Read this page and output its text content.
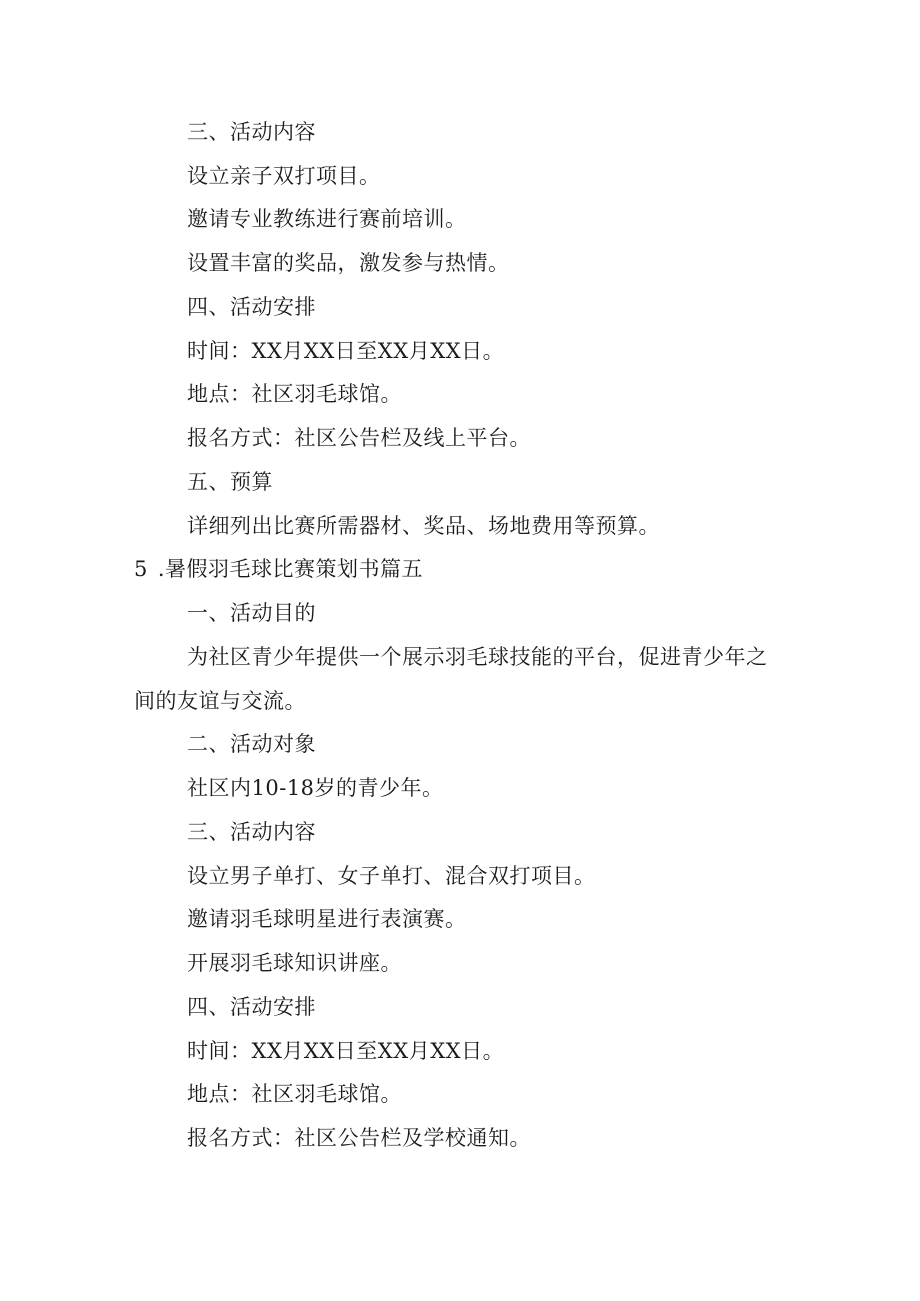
三、活动内容
设立亲子双打项目。
邀请专业教练进行赛前培训。
设置丰富的奖品，激发参与热情。
四、活动安排
时间：XX月XX日至XX月XX日。
地点：社区羽毛球馆。
报名方式：社区公告栏及线上平台。
五、预算
详细列出比赛所需器材、奖品、场地费用等预算。
5 .暑假羽毛球比赛策划书篇五
一、活动目的
为社区青少年提供一个展示羽毛球技能的平台，促进青少年之
间的友谊与交流。
二、活动对象
社区内10-18岁的青少年。
三、活动内容
设立男子单打、女子单打、混合双打项目。
邀请羽毛球明星进行表演赛。
开展羽毛球知识讲座。
四、活动安排
时间：XX月XX日至XX月XX日。
地点：社区羽毛球馆。
报名方式：社区公告栏及学校通知。
